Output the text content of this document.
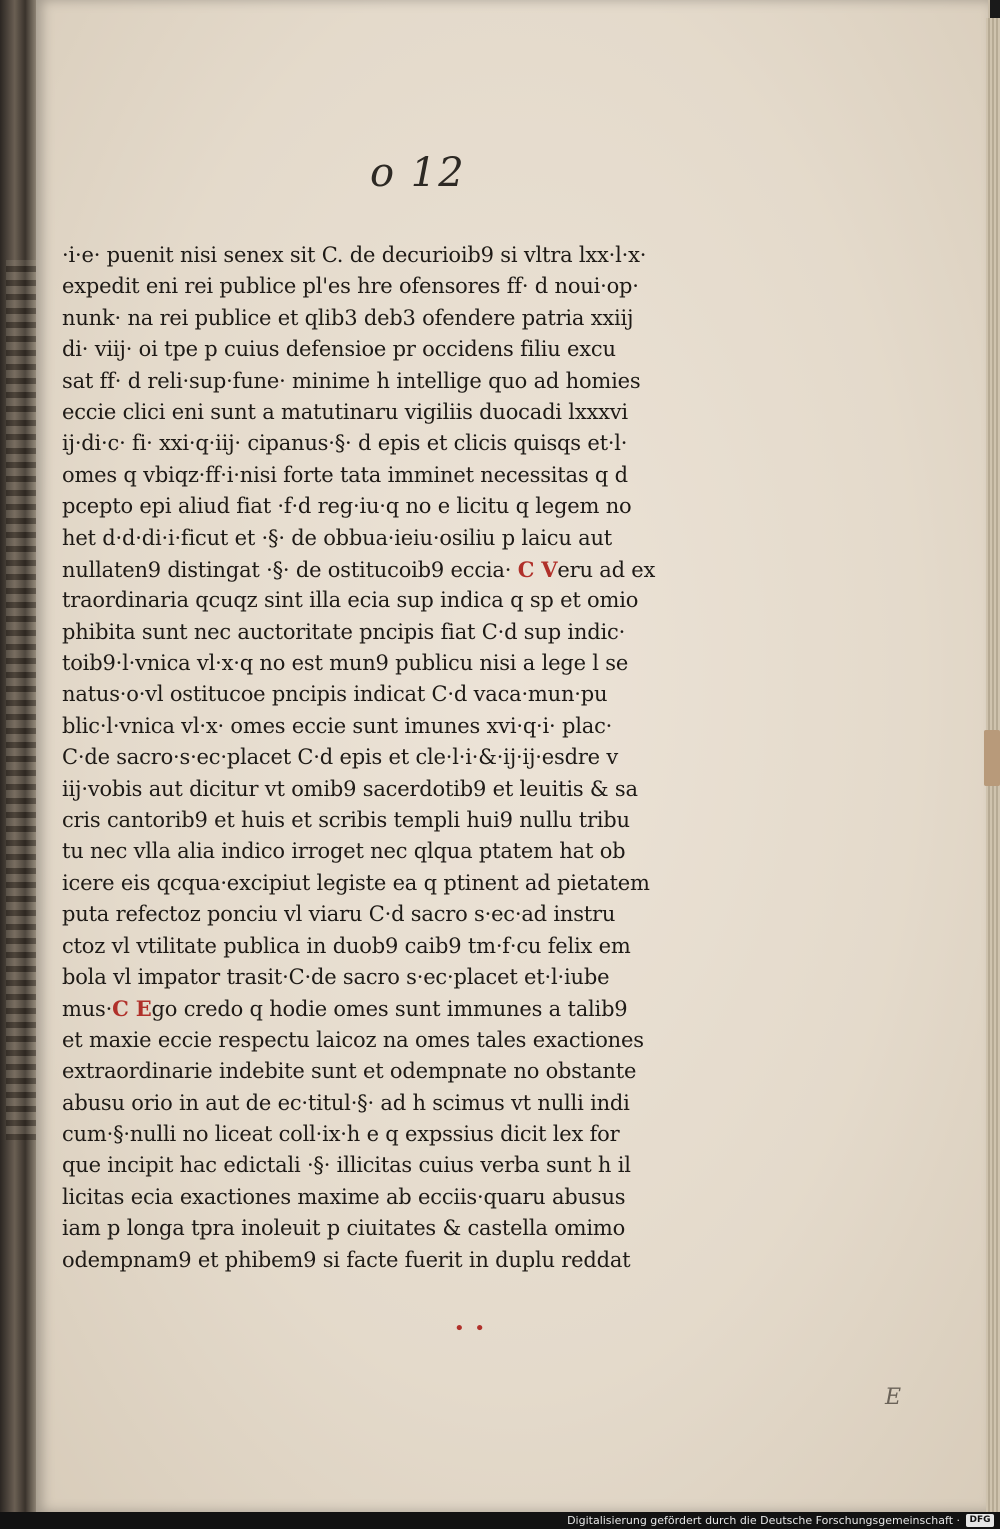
o 12
·i·e· puenit nisi senex sit C. de decurioib9 si vltra lxx·l·x·
expedit eni rei publice pl'es hre ofensores ff· d noui·op·
nunk· na rei publice et qlib3 deb3 ofendere patria xxiij
di· viij· oi tpe p cuius defensioe pr occidens filiu excu
sat ff· d reli·sup·fune· minime h intellige quo ad homies
eccie clici eni sunt a matutinaru vigiliis duocadi lxxxvi
ij·di·c· fi· xxi·q·iij· cipanus·§· d epis et clicis quisqs et·l·
omes q vbiqz·ff·i·nisi forte tata imminet necessitas q d
pcepto epi aliud fiat ·f·d reg·iu·q no e licitu q legem no
het d·d·di·i·ficut et ·§· de obbua·ieiu·osiliu p laicu aut
nullaten9 distingat ·§· de ostitucoib9 eccia· C Veru ad ex
traordinaria qcuqz sint illa ecia sup indica q sp et omio
phibita sunt nec auctoritate pncipis fiat C·d sup indic·
toib9·l·vnica vl·x·q no est mun9 publicu nisi a lege l se
natus·o·vl ostitucoe pncipis indicat C·d vaca·mun·pu
blic·l·vnica vl·x· omes eccie sunt imunes xvi·q·i· plac·
C·de sacro·s·ec·placet C·d epis et cle·l·i·&·ij·ij·esdre v
iij·vobis aut dicitur vt omib9 sacerdotib9 et leuitis & sa
cris cantorib9 et huis et scribis templi hui9 nullu tribu
tu nec vlla alia indico irroget nec qlqua ptatem hat ob
icere eis qcqua·excipiut legiste ea q ptinent ad pietatem
puta refectoz ponciu vl viaru C·d sacro s·ec·ad instru
ctoz vl vtilitate publica in duob9 caib9 tm·f·cu felix em
bola vl impator trasit·C·de sacro s·ec·placet et·l·iube
mus·C Ego credo q hodie omes sunt immunes a talib9
et maxie eccie respectu laicoz na omes tales exactiones
extraordinarie indebite sunt et odempnate no obstante
abusu orio in aut de ec·titul·§· ad h scimus vt nulli indi
cum·§·nulli no liceat coll·ix·h e q expssius dicit lex for
que incipit hac edictali ·§· illicitas cuius verba sunt h il
licitas ecia exactiones maxime ab ecciis·quaru abusus
iam p longa tpra inoleuit p ciuitates & castella omimo
odempnam9 et phibem9 si facte fuerit in duplu reddat
• •
E
Digitalisierung gefördert durch die Deutsche Forschungsgemeinschaft ·	DFG
